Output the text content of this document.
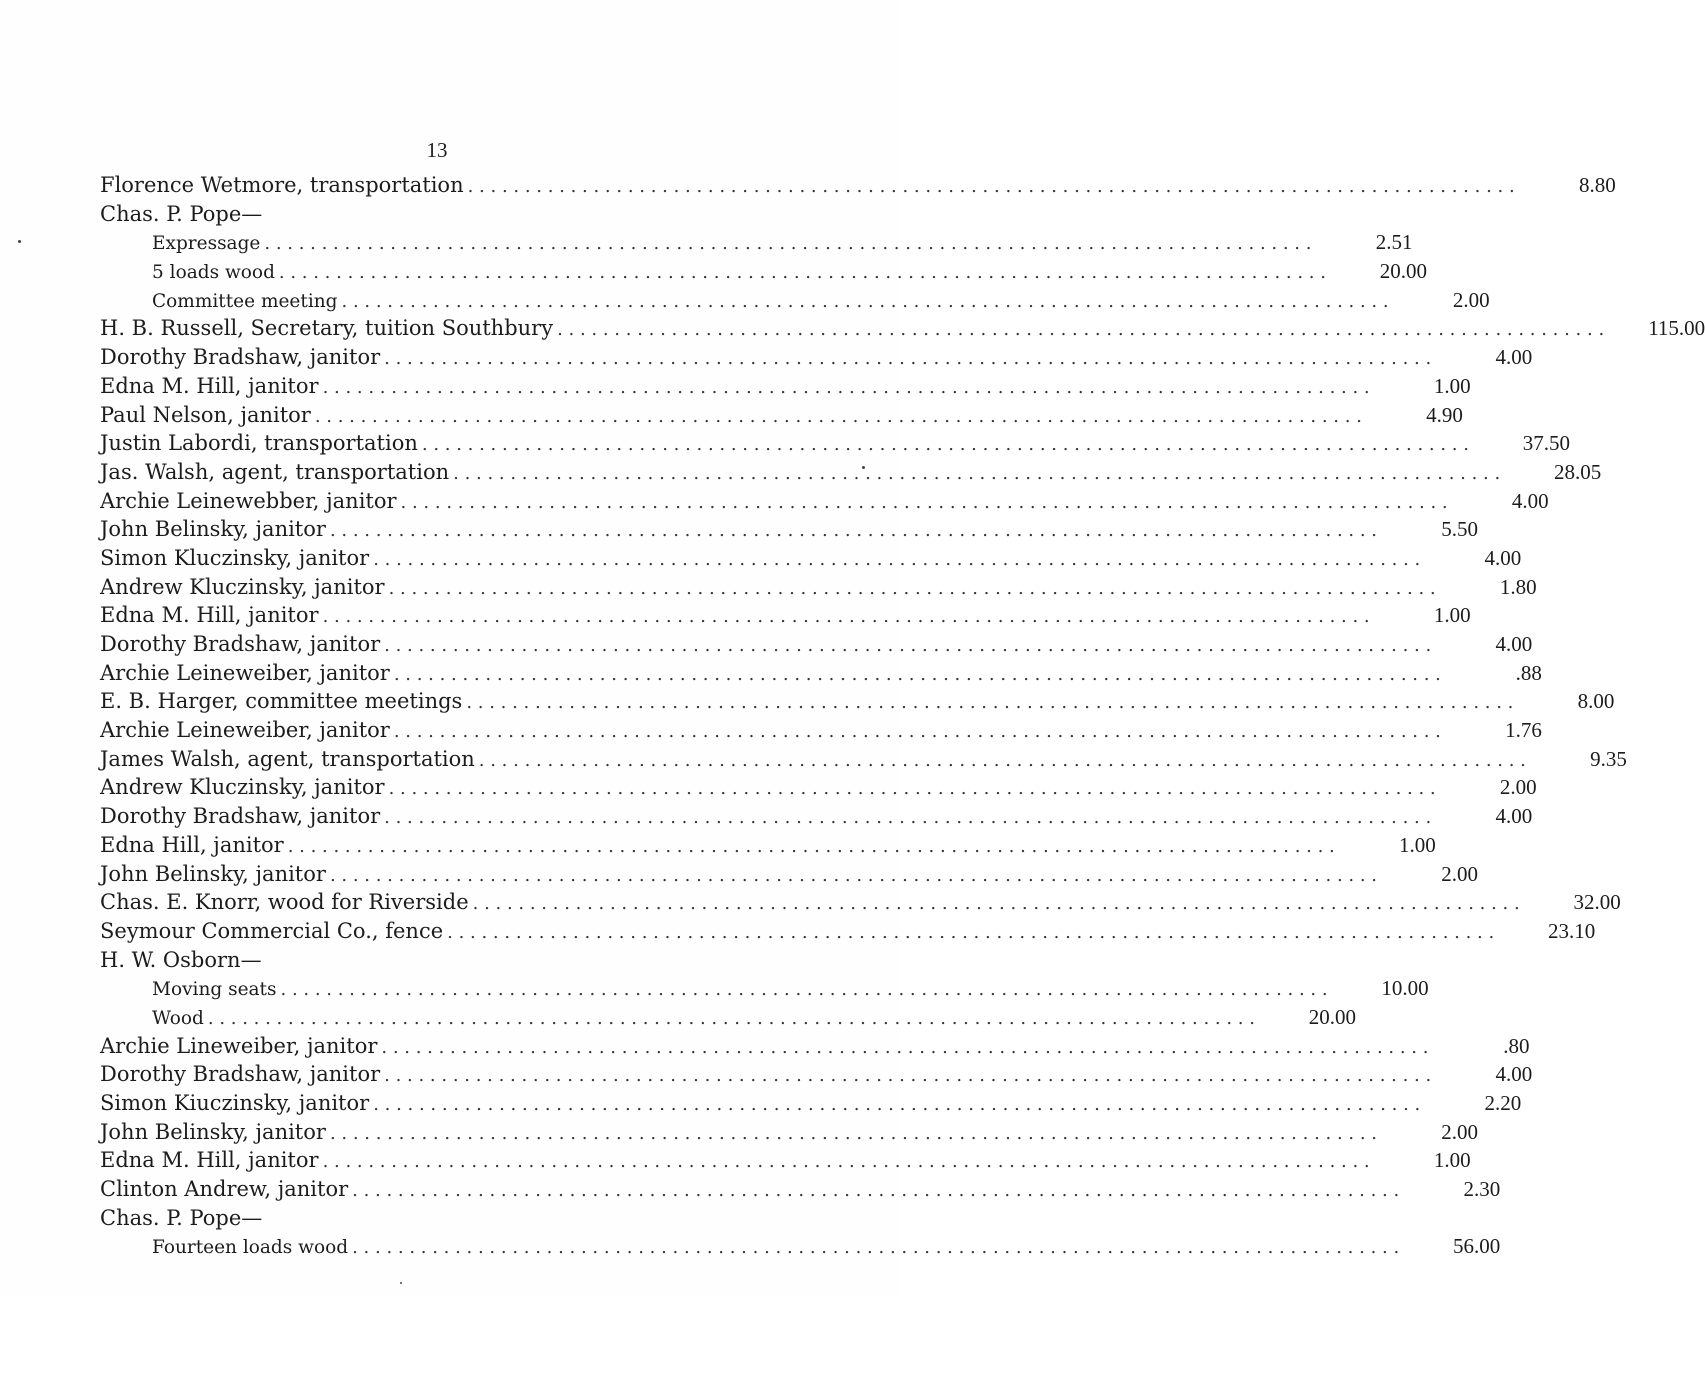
13
Florence Wetmore, transportation . . .	8.80
Chas. P. Pope—
Expressage . . .	2.51
5 loads wood . . .	20.00
Committee meeting . . .	2.00
H. B. Russell, Secretary, tuition Southbury . . .	115.00
Dorothy Bradshaw, janitor . . .	4.00
Edna M. Hill, janitor . . .	1.00
Paul Nelson, janitor . . .	4.90
Justin Labordi, transportation . . .	37.50
Jas. Walsh, agent, transportation . . .	28.05
Archie Leinewebber, janitor . . .	4.00
John Belinsky, janitor . . .	5.50
Simon Kluczinsky, janitor . . .	4.00
Andrew Kluczinsky, janitor . . .	1.80
Edna M. Hill, janitor . . .	1.00
Dorothy Bradshaw, janitor . . .	4.00
Archie Leineweiber, janitor . . .	.88
E. B. Harger, committee meetings . . .	8.00
Archie Leineweiber, janitor . . .	1.76
James Walsh, agent, transportation . . .	9.35
Andrew Kluczinsky, janitor . . .	2.00
Dorothy Bradshaw, janitor . . .	4.00
Edna Hill, janitor . . .	1.00
John Belinsky, janitor . . .	2.00
Chas. E. Knorr, wood for Riverside . . .	32.00
Seymour Commercial Co., fence . . .	23.10
H. W. Osborn—
Moving seats . . .	10.00
Wood . . .	20.00
Archie Lineweiber, janitor . . .	.80
Dorothy Bradshaw, janitor . . .	4.00
Simon Kiuczinsky, janitor . . .	2.20
John Belinsky, janitor . . .	2.00
Edna M. Hill, janitor . . .	1.00
Clinton Andrew, janitor . . .	2.30
Chas. P. Pope—
Fourteen loads wood . . .	56.00
